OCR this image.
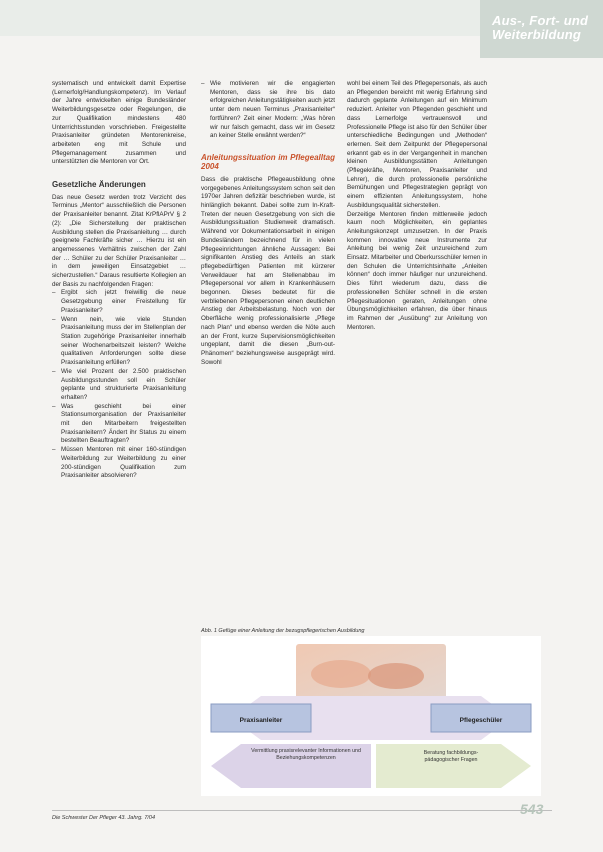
Aus-, Fort- und Weiterbildung

systematisch und entwickelt damit Expertise (Lernerfolg/Handlungskompetenz). Im Verlauf der Jahre entwickelten einige Bundesländer Weiterbildungsgesetze oder Regelungen, die zur Qualifikation mindestens 480 Unterrichtsstunden vorschrieben. Freigestellte Praxisanleiter gründeten Mentorenkreise, arbeiteten eng mit Schule und Pflegemanagement zusammen und unterstützten die Mentoren vor Ort.

Gesetzliche Änderungen

Das neue Gesetz werden trotz Verzicht des Terminus „Mentor“ ausschließlich die Personen der Praxisanleiter benannt. Zitat KrPflAPrV § 2 (2): „Die Sicherstellung der praktischen Ausbildung stellen die Praxisanleitung … durch geeignete Fachkräfte sicher … Hierzu ist ein angemessenes Verhältnis zwischen der Zahl der … Schüler zu der Schüler Praxisanleiter … in dem jeweiligen Einsatzgebiet … sicherzustellen.“ Daraus resultierte Kollegien an der Basis zu nachfolgenden Fragen:

– Ergibt sich jetzt freiwillig die neue Gesetzgebung einer Freistellung für Praxisanleiter?
– Wenn nein, wie viele Stunden Praxisanleitung muss der im Stellenplan der Station zugehörige Praxisanleiter innerhalb seiner Wochenarbeitszeit leisten? Welche qualitativen Anforderungen sollte diese Praxisanleitung erfüllen?
– Wie viel Prozent der 2.500 praktischen Ausbildungsstunden soll ein Schüler geplante und strukturierte Praxisanleitung erhalten?
– Was geschieht bei einer Stationsumorganisation der Praxisanleiter mit den Mitarbeitern freigestellten Praxisanleitern? Ändert ihr Status zu einem bestellten Beauftragten?
– Müssen Mentoren mit einer 160-stündigen Weiterbildung zur Weiterbildung zu einer 200-stündigen Qualifikation zum Praxisanleiter absolvieren?
– Wie motivieren wir die engagierten Mentoren, dass sie ihre bis dato erfolgreichen Anleitungstätigkeiten auch jetzt unter dem neuen Terminus „Praxisanleiter“ fortführen? Zeit einer Modern: „Was hören wir nur falsch gemacht, dass wir im Gesetz an keiner Stelle erwähnt werden?“
Anleitungssituation im Pflegealltag 2004

Dass die praktische Pflegeausbildung ohne vorgegebenes Anleitungssystem schon seit den 1970er Jahren defizitär beschrieben wurde, ist hinlänglich bekannt. Dabei sollte zum In-Kraft-Treten der neuen Gesetzgebung von sich die Ausbildungssituation Studienweit dramatisch. Während vor Dokumentationsarbeit in einigen Bundesländern bezeichnend für in vielen Pflegeeinrichtungen ähnliche Aussagen: Bei signifikanten Anstieg des Anteils an stark pflegebedürftigen Patienten mit kürzerer Verweildauer hat am Stellenabbau im Pflegepersonal vor allem in Krankenhäusern begonnen. Dieses bedeutet für die verbliebenen Pflegepersonen einen deutlichen Anstieg der Arbeitsbelastung. Noch von der Oberfläche wenig professionalisierte „Pflege nach Plan“ und ebenso werden die Nöte auch an der Front, kurze Supervisionsmöglichkeiten ungeplant, damit die diesen „Burn-out-Phänomen“ beziehungsweise ausgeprägt wird. Sowohl

wohl bei einem Teil des Pflegepersonals, als auch an Pflegenden bereicht mit wenig Erfahrung sind dadurch geplante Anleitungen auf ein Minimum reduziert. Anleiter von Pflegenden geschieht und dass Lernerfolge vertrauensvoll und Professionelle Pflege ist also für den Schüler über unterschiedliche Bedingungen und „Methoden“ erlernen. Seit dem Zeitpunkt der Pflegepersonal erkannt gab es in der Vergangenheit in manchen kleinen Ausbildungsstätten Anleitungen (Pflegekräfte, Mentoren, Praxisanleiter und Lehrer), die durch professionelle persönliche Bemühungen und Pflegestrategien geprägt von einem effizienten Anleitungssystem, hohe Ausbildungsqualität sicherstellen.

Derzeitige Mentoren finden mittlerweile jedoch kaum noch Möglichkeiten, ein geplantes Anleitungskonzept umzusetzen. In der Praxis kommen innovative neue Instrumente zur Anleitung bei wenig Zeit unzureichend zum Einsatz. Mitarbeiter und Oberkursschüler lernen in den Schulen die Unterrichtsinhalte „Anleiten können“ doch immer häufiger nur unzureichend. Dies führt wiederum dazu, dass die professionellen Schüler schnell in die ersten Pflegesituationen geraten, Anleitungen ohne Übungsmöglichkeiten erfahren, die über hinaus im Rahmen der „Ausübung“ zur Anleitung von Mentoren.

Abb. 1 Gefüge einer Anleitung der bezugspflegerischen Ausbildung
Praxisanleiter	Pflegeschüler
Vermittlung praxisrelevanter Informationen und Beziehungskompetenzen
Beratung fachbildungs- pädagogischer Fragen
Die Schwester Der Pfleger 43. Jahrg. 7/04
543
